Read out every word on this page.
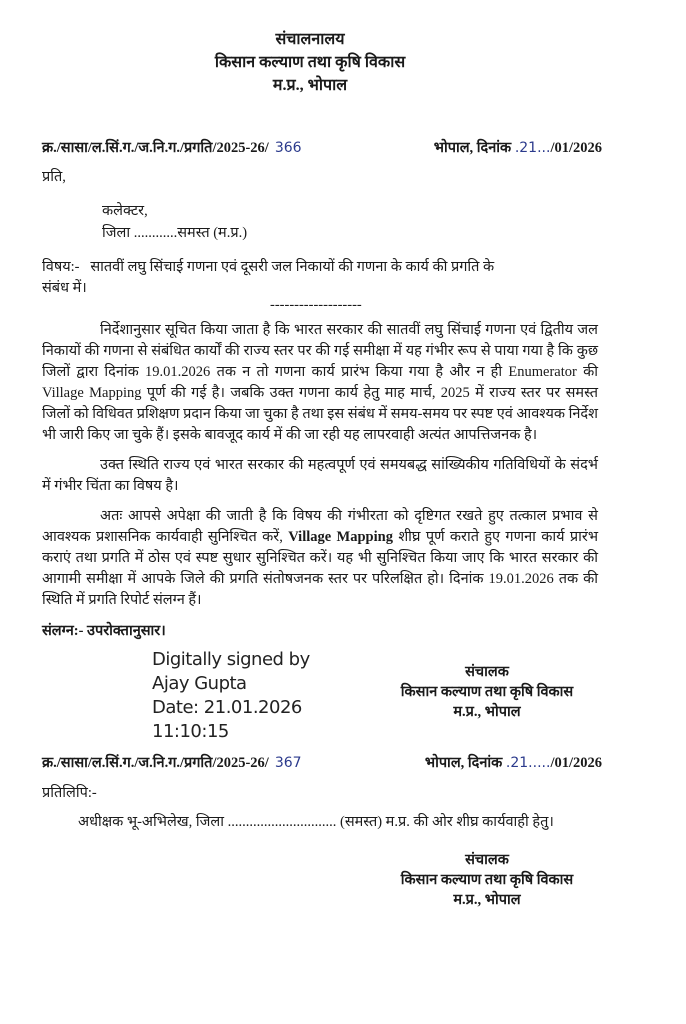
संचालनालय
किसान कल्याण तथा कृषि विकास
म.प्र., भोपाल
क्र./सासा/ल.सिं.ग./ज.नि.ग./प्रगति/2025-26/ 366	भोपाल, दिनांक .21.../01/2026
प्रति,
कलेक्टर,
जिला ............समस्त (म.प्र.)
विषय:- सातवीं लघु सिंचाई गणना एवं दूसरी जल निकायों की गणना के कार्य की प्रगति के
संबंध में।
-------------------

निर्देशानुसार सूचित किया जाता है कि भारत सरकार की सातवीं लघु सिंचाई गणना एवं द्वितीय जल निकायों की गणना से संबंधित कार्यों की राज्य स्तर पर की गई समीक्षा में यह गंभीर रूप से पाया गया है कि कुछ जिलों द्वारा दिनांक 19.01.2026 तक न तो गणना कार्य प्रारंभ किया गया है और न ही Enumerator की Village Mapping पूर्ण की गई है। जबकि उक्त गणना कार्य हेतु माह मार्च, 2025 में राज्य स्तर पर समस्त जिलों को विधिवत प्रशिक्षण प्रदान किया जा चुका है तथा इस संबंध में समय-समय पर स्पष्ट एवं आवश्यक निर्देश भी जारी किए जा चुके हैं। इसके बावजूद कार्य में की जा रही यह लापरवाही अत्यंत आपत्तिजनक है।

उक्त स्थिति राज्य एवं भारत सरकार की महत्वपूर्ण एवं समयबद्ध सांख्यिकीय गतिविधियों के संदर्भ में गंभीर चिंता का विषय है।

अतः आपसे अपेक्षा की जाती है कि विषय की गंभीरता को दृष्टिगत रखते हुए तत्काल प्रभाव से आवश्यक प्रशासनिक कार्यवाही सुनिश्चित करें, Village Mapping शीघ्र पूर्ण कराते हुए गणना कार्य प्रारंभ कराएं तथा प्रगति में ठोस एवं स्पष्ट सुधार सुनिश्चित करें। यह भी सुनिश्चित किया जाए कि भारत सरकार की आगामी समीक्षा में आपके जिले की प्रगति संतोषजनक स्तर पर परिलक्षित हो। दिनांक 19.01.2026 तक की स्थिति में प्रगति रिपोर्ट संलग्न हैं।

संलग्न:- उपरोक्तानुसार।
Digitally signed by
Ajay Gupta
Date: 21.01.2026
11:10:15
संचालक
किसान कल्याण तथा कृषि विकास
म.प्र., भोपाल
क्र./सासा/ल.सिं.ग./ज.नि.ग./प्रगति/2025-26/ 367	भोपाल, दिनांक .21...../01/2026
प्रतिलिपि:-
अधीक्षक भू-अभिलेख, जिला .............................. (समस्त) म.प्र. की ओर शीघ्र कार्यवाही हेतु।
संचालक
किसान कल्याण तथा कृषि विकास
म.प्र., भोपाल
